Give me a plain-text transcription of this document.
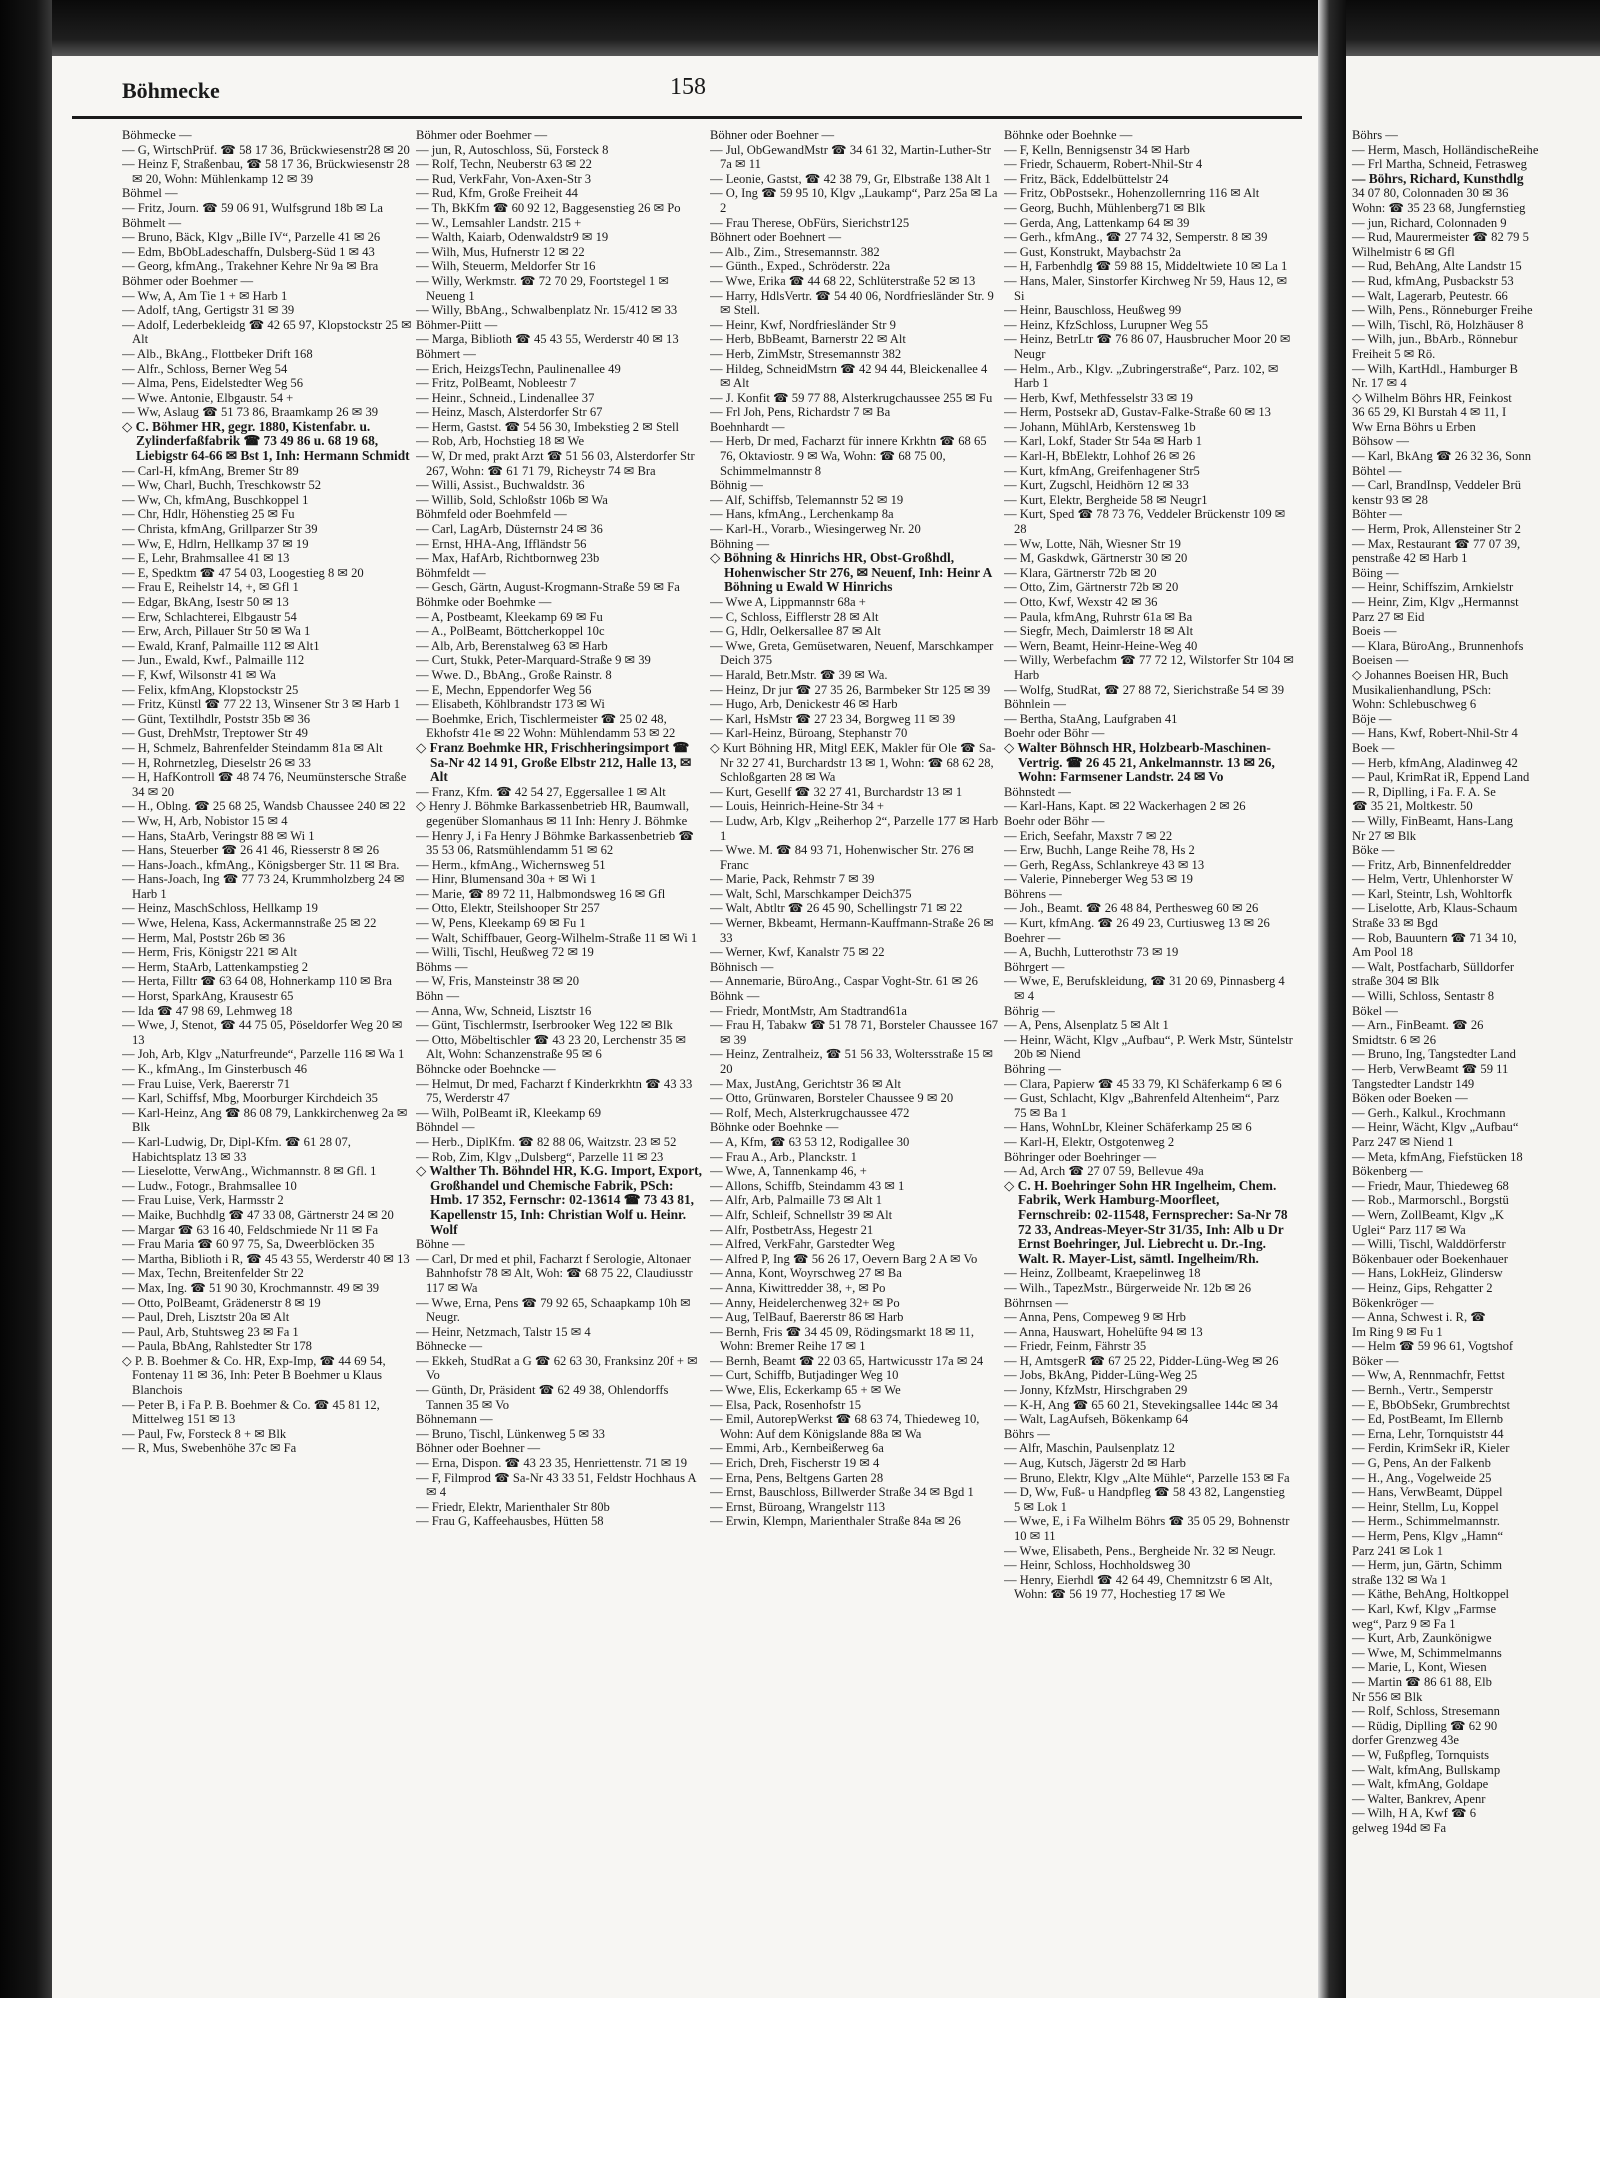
Böhrs —

— Herm, Masch, HolländischeReihe

— Frl Martha, Schneid, Fetrasweg

— Böhrs, Richard, Kunsthdlg

34 07 80, Colonnaden 30 ✉ 36

Wohn: ☎ 35 23 68, Jungfernstieg

— jun, Richard, Colonnaden 9

— Rud, Maurermeister ☎ 82 79 5

Wilhelmistr 6 ✉ Gfl

— Rud, BehAng, Alte Landstr 15

— Rud, kfmAng, Pusbackstr 53

— Walt, Lagerarb, Peutestr. 66

— Wilh, Pens., Rönneburger Freihe

— Wilh, Tischl, Rö, Holzhäuser 8

— Wilh, jun., BbArb., Rönnebur

Freiheit 5 ✉ Rö.

— Wilh, KartHdl., Hamburger B

Nr. 17 ✉ 4

◇ Wilhelm Böhrs HR, Feinkost

36 65 29, Kl Burstah 4 ✉ 11, I

Ww Erna Böhrs u Erben

Böhsow —

— Karl, BkAng ☎ 26 32 36, Sonn

Böhtel —

— Carl, BrandInsp, Veddeler Brü

kenstr 93 ✉ 28

Böhter —

— Herm, Prok, Allensteiner Str 2

— Max, Restaurant ☎ 77 07 39,

penstraße 42 ✉ Harb 1

Böing —

— Heinr, Schiffszim, Arnkielstr

— Heinr, Zim, Klgv „Hermannst

Parz 27 ✉ Eid

Boeis —

— Klara, BüroAng., Brunnenhofs

Boeisen —

◇ Johannes Boeisen HR, Buch

Musikalienhandlung, PSch:

Wohn: Schlebuschweg 6

Böje —

— Hans, Kwf, Robert-Nhil-Str 4

Boek —

— Herb, kfmAng, Aladinweg 42

— Paul, KrimRat iR, Eppend Land

— R, Diplling, i Fa. F. A. Se

☎ 35 21, Moltkestr. 50

— Willy, FinBeamt, Hans-Lang

Nr 27 ✉ Blk

Böke —

— Fritz, Arb, Binnenfeldredder

— Helm, Vertr, Uhlenhorster W

— Karl, Steintr, Lsh, Wohltorfk

— Liselotte, Arb, Klaus-Schaum

Straße 33 ✉ Bgd

— Rob, Bauuntern ☎ 71 34 10,

Am Pool 18

— Walt, Postfacharb, Sülldorfer

straße 304 ✉ Blk

— Willi, Schloss, Sentastr 8

Bökel —

— Arn., FinBeamt. ☎ 26

Smidtstr. 6 ✉ 26

— Bruno, Ing, Tangstedter Land

— Herb, VerwBeamt ☎ 59 11

Tangstedter Landstr 149

Böken oder Boeken —

— Gerh., Kalkul., Krochmann

— Heinr, Wächt, Klgv „Aufbau“

Parz 247 ✉ Niend 1

— Meta, kfmAng, Fiefstücken 18

Bökenberg —

— Friedr, Maur, Thiedeweg 68

— Rob., Marmorschl., Borgstü

— Wern, ZollBeamt, Klgv „K

Uglei“ Parz 117 ✉ Wa

— Willi, Tischl, Walddörferstr

Bökenbauer oder Boekenhauer

— Hans, LokHeiz, Glindersw

— Heinz, Gips, Rehgatter 2

Bökenkröger —

— Anna, Schwest i. R, ☎

Im Ring 9 ✉ Fu 1

— Helm ☎ 59 96 61, Vogtshof

Böker —

— Ww, A, Rennmachfr, Fettst

— Bernh., Vertr., Semperstr

— E, BbObSekr, Grumbrechtst

— Ed, PostBeamt, Im Ellernb

— Erna, Lehr, Tornquiststr 44

— Ferdin, KrimSekr iR, Kieler

— G, Pens, An der Falkenb

— H., Ang., Vogelweide 25

— Hans, VerwBeamt, Düppel

— Heinr, Stellm, Lu, Koppel

— Herm., Schimmelmannstr.

— Herm, Pens, Klgv „Hamn“

Parz 241 ✉ Lok 1

— Herm, jun, Gärtn, Schimm

straße 132 ✉ Wa 1

— Käthe, BehAng, Holtkoppel

— Karl, Kwf, Klgv „Farmse

weg“, Parz 9 ✉ Fa 1

— Kurt, Arb, Zaunkönigwe

— Wwe, M, Schimmelmanns

— Marie, L, Kont, Wiesen

— Martin ☎ 86 61 88, Elb

Nr 556 ✉ Blk

— Rolf, Schloss, Stresemann

— Rüdig, Diplling ☎ 62 90

dorfer Grenzweg 43e

— W, Fußpfleg, Tornquists

— Walt, kfmAng, Bullskamp

— Walt, kfmAng, Goldape

— Walter, Bankrev, Apenr

— Wilh, H A, Kwf ☎ 6

gelweg 194d ✉ Fa

Böhmecke	158

Böhmecke —

— G, WirtschPrüf. ☎ 58 17 36, Brückwiesenstr28 ✉ 20

— Heinz F, Straßenbau, ☎ 58 17 36, Brückwiesenstr 28 ✉ 20, Wohn: Mühlenkamp 12 ✉ 39

Böhmel —

— Fritz, Journ. ☎ 59 06 91, Wulfsgrund 18b ✉ La

Böhmelt —

— Bruno, Bäck, Klgv „Bille IV“, Parzelle 41 ✉ 26

— Edm, BbObLadeschaffn, Dulsberg-Süd 1 ✉ 43

— Georg, kfmAng., Trakehner Kehre Nr 9a ✉ Bra

Böhmer oder Boehmer —

— Ww, A, Am Tie 1 + ✉ Harb 1

— Adolf, tAng, Gertigstr 31 ✉ 39

— Adolf, Lederbekleidg ☎ 42 65 97, Klopstockstr 25 ✉ Alt

— Alb., BkAng., Flottbeker Drift 168

— Alfr., Schloss, Berner Weg 54

— Alma, Pens, Eidelstedter Weg 56

— Wwe. Antonie, Elbgaustr. 54 +

— Ww, Aslaug ☎ 51 73 86, Braamkamp 26 ✉ 39

◇ C. Böhmer HR, gegr. 1880, Kistenfabr. u. Zylinderfaßfabrik ☎ 73 49 86 u. 68 19 68, Liebigstr 64-66 ✉ Bst 1, Inh: Hermann Schmidt

— Carl-H, kfmAng, Bremer Str 89

— Ww, Charl, Buchh, Treschkowstr 52

— Ww, Ch, kfmAng, Buschkoppel 1

— Chr, Hdlr, Höhenstieg 25 ✉ Fu

— Christa, kfmAng, Grillparzer Str 39

— Ww, E, Hdlrn, Hellkamp 37 ✉ 19

— E, Lehr, Brahmsallee 41 ✉ 13

— E, Spedktm ☎ 47 54 03, Loogestieg 8 ✉ 20

— Frau E, Reihelstr 14, +, ✉ Gfl 1

— Edgar, BkAng, Isestr 50 ✉ 13

— Erw, Schlachterei, Elbgaustr 54

— Erw, Arch, Pillauer Str 50 ✉ Wa 1

— Ewald, Kranf, Palmaille 112 ✉ Alt1

— Jun., Ewald, Kwf., Palmaille 112

— F, Kwf, Wilsonstr 41 ✉ Wa

— Felix, kfmAng, Klopstockstr 25

— Fritz, Künstl ☎ 77 22 13, Winsener Str 3 ✉ Harb 1

— Günt, Textilhdlr, Poststr 35b ✉ 36

— Gust, DrehMstr, Treptower Str 49

— H, Schmelz, Bahrenfelder Steindamm 81a ✉ Alt

— H, Rohrnetzleg, Dieselstr 26 ✉ 33

— H, HafKontroll ☎ 48 74 76, Neumünstersche Straße 34 ✉ 20

— H., Oblng. ☎ 25 68 25, Wandsb Chaussee 240 ✉ 22

— Ww, H, Arb, Nobistor 15 ✉ 4

— Hans, StaArb, Veringstr 88 ✉ Wi 1

— Hans, Steuerber ☎ 26 41 46, Riesserstr 8 ✉ 26

— Hans-Joach., kfmAng., Königsberger Str. 11 ✉ Bra.

— Hans-Joach, Ing ☎ 77 73 24, Krummholzberg 24 ✉ Harb 1

— Heinz, MaschSchloss, Hellkamp 19

— Wwe, Helena, Kass, Ackermannstraße 25 ✉ 22

— Herm, Mal, Poststr 26b ✉ 36

— Herm, Fris, Königstr 221 ✉ Alt

— Herm, StaArb, Lattenkampstieg 2

— Herta, Filltr ☎ 63 64 08, Hohnerkamp 110 ✉ Bra

— Horst, SparkAng, Krausestr 65

— Ida ☎ 47 98 69, Lehmweg 18

— Wwe, J, Stenot, ☎ 44 75 05, Pöseldorfer Weg 20 ✉ 13

— Joh, Arb, Klgv „Naturfreunde“, Parzelle 116 ✉ Wa 1

— K., kfmAng., Im Ginsterbusch 46

— Frau Luise, Verk, Baererstr 71

— Karl, Schiffsf, Mbg, Moorburger Kirchdeich 35

— Karl-Heinz, Ang ☎ 86 08 79, Lankkirchenweg 2a ✉ Blk

— Karl-Ludwig, Dr, Dipl-Kfm. ☎ 61 28 07, Habichtsplatz 13 ✉ 33

— Lieselotte, VerwAng., Wichmannstr. 8 ✉ Gfl. 1

— Ludw., Fotogr., Brahmsallee 10

— Frau Luise, Verk, Harmsstr 2

— Maike, Buchhdlg ☎ 47 33 08, Gärtnerstr 24 ✉ 20

— Margar ☎ 63 16 40, Feldschmiede Nr 11 ✉ Fa

— Frau Maria ☎ 60 97 75, Sa, Dweerblöcken 35

— Martha, Biblioth i R, ☎ 45 43 55, Werderstr 40 ✉ 13

— Max, Techn, Breitenfelder Str 22

— Max, Ing. ☎ 51 90 30, Krochmannstr. 49 ✉ 39

— Otto, PolBeamt, Grädenerstr 8 ✉ 19

— Paul, Dreh, Lisztstr 20a ✉ Alt

— Paul, Arb, Stuhtsweg 23 ✉ Fa 1

— Paula, BbAng, Rahlstedter Str 178

◇ P. B. Boehmer & Co. HR, Exp-Imp, ☎ 44 69 54, Fontenay 11 ✉ 36, Inh: Peter B Boehmer u Klaus Blanchois

— Peter B, i Fa P. B. Boehmer & Co. ☎ 45 81 12, Mittelweg 151 ✉ 13

— Paul, Fw, Forsteck 8 + ✉ Blk

— R, Mus, Swebenhöhe 37c ✉ Fa

Böhmer oder Boehmer —

— jun, R, Autoschloss, Sü, Forsteck 8

— Rolf, Techn, Neuberstr 63 ✉ 22

— Rud, VerkFahr, Von-Axen-Str 3

— Rud, Kfm, Große Freiheit 44

— Th, BkKfm ☎ 60 92 12, Baggesenstieg 26 ✉ Po

— W., Lemsahler Landstr. 215 +

— Walth, Kaiarb, Odenwaldstr9 ✉ 19

— Wilh, Mus, Hufnerstr 12 ✉ 22

— Wilh, Steuerm, Meldorfer Str 16

— Willy, Werkmstr. ☎ 72 70 29, Foortstegel 1 ✉ Neueng 1

— Willy, BbAng., Schwalbenplatz Nr. 15/412 ✉ 33

Böhmer-Piitt —

— Marga, Biblioth ☎ 45 43 55, Werderstr 40 ✉ 13

Böhmert —

— Erich, HeizgsTechn, Paulinenallee 49

— Fritz, PolBeamt, Nobleestr 7

— Heinr., Schneid., Lindenallee 37

— Heinz, Masch, Alsterdorfer Str 67

— Herm, Gastst. ☎ 54 56 30, Imbekstieg 2 ✉ Stell

— Rob, Arb, Hochstieg 18 ✉ We

— W, Dr med, prakt Arzt ☎ 51 56 03, Alsterdorfer Str 267, Wohn: ☎ 61 71 79, Richeystr 74 ✉ Bra

— Willi, Assist., Buchwaldstr. 36

— Willib, Sold, Schloßstr 106b ✉ Wa

Böhmfeld oder Boehmfeld —

— Carl, LagArb, Düsternstr 24 ✉ 36

— Ernst, HHA-Ang, Iffländstr 56

— Max, HafArb, Richtbornweg 23b

Böhmfeldt —

— Gesch, Gärtn, August-Krogmann-Straße 59 ✉ Fa

Böhmke oder Boehmke —

— A, Postbeamt, Kleekamp 69 ✉ Fu

— A., PolBeamt, Böttcherkoppel 10c

— Alb, Arb, Berenstalweg 63 ✉ Harb

— Curt, Stukk, Peter-Marquard-Straße 9 ✉ 39

— Wwe. D., BbAng., Große Rainstr. 8

— E, Mechn, Eppendorfer Weg 56

— Elisabeth, Köhlbrandstr 173 ✉ Wi

— Boehmke, Erich, Tischlermeister ☎ 25 02 48, Ekhofstr 41e ✉ 22 Wohn: Mühlendamm 53 ✉ 22

◇ Franz Boehmke HR, Frischheringsimport ☎ Sa-Nr 42 14 91, Große Elbstr 212, Halle 13, ✉ Alt

— Franz, Kfm. ☎ 42 54 27, Eggersallee 1 ✉ Alt

◇ Henry J. Böhmke Barkassenbetrieb HR, Baumwall, gegenüber Slomanhaus ✉ 11 Inh: Henry J. Böhmke

— Henry J, i Fa Henry J Böhmke Barkassenbetrieb ☎ 35 53 06, Ratsmühlendamm 51 ✉ 62

— Herm., kfmAng., Wichernsweg 51

— Hinr, Blumensand 30a + ✉ Wi 1

— Marie, ☎ 89 72 11, Halbmondsweg 16 ✉ Gfl

— Otto, Elektr, Steilshooper Str 257

— W, Pens, Kleekamp 69 ✉ Fu 1

— Walt, Schiffbauer, Georg-Wilhelm-Straße 11 ✉ Wi 1

— Willi, Tischl, Heußweg 72 ✉ 19

Böhms —

— W, Fris, Mansteinstr 38 ✉ 20

Böhn —

— Anna, Ww, Schneid, Lisztstr 16

— Günt, Tischlermstr, Iserbrooker Weg 122 ✉ Blk

— Otto, Möbeltischler ☎ 43 23 20, Lerchenstr 35 ✉ Alt, Wohn: Schanzenstraße 95 ✉ 6

Böhncke oder Boehncke —

— Helmut, Dr med, Facharzt f Kinderkrkhtn ☎ 43 33 75, Werderstr 47

— Wilh, PolBeamt iR, Kleekamp 69

Böhndel —

— Herb., DiplKfm. ☎ 82 88 06, Waitzstr. 23 ✉ 52

— Rob, Zim, Klgv „Dulsberg“, Parzelle 11 ✉ 23

◇ Walther Th. Böhndel HR, K.G. Import, Export, Großhandel und Chemische Fabrik, PSch: Hmb. 17 352, Fernschr: 02-13614 ☎ 73 43 81, Kapellenstr 15, Inh: Christian Wolf u. Heinr. Wolf

Böhne —

— Carl, Dr med et phil, Facharzt f Serologie, Altonaer Bahnhofstr 78 ✉ Alt, Woh: ☎ 68 75 22, Claudiusstr 117 ✉ Wa

— Wwe, Erna, Pens ☎ 79 92 65, Schaapkamp 10h ✉ Neugr.

— Heinr, Netzmach, Talstr 15 ✉ 4

Böhnecke —

— Ekkeh, StudRat a G ☎ 62 63 30, Franksinz 20f + ✉ Vo

— Günth, Dr, Präsident ☎ 62 49 38, Ohlendorffs Tannen 35 ✉ Vo

Böhnemann —

— Bruno, Tischl, Lünkenweg 5 ✉ 33

Böhner oder Boehner —

— Erna, Dispon. ☎ 43 23 35, Henriettenstr. 71 ✉ 19

— F, Filmprod ☎ Sa-Nr 43 33 51, Feldstr Hochhaus A ✉ 4

— Friedr, Elektr, Marienthaler Str 80b

— Frau G, Kaffeehausbes, Hütten 58

Böhner oder Boehner —

— Jul, ObGewandMstr ☎ 34 61 32, Martin-Luther-Str 7a ✉ 11

— Leonie, Gastst, ☎ 42 38 79, Gr, Elbstraße 138 Alt 1

— O, Ing ☎ 59 95 10, Klgv „Laukamp“, Parz 25a ✉ La 2

— Frau Therese, ObFürs, Sierichstr125

Böhnert oder Boehnert —

— Alb., Zim., Stresemannstr. 382

— Günth., Exped., Schröderstr. 22a

— Wwe, Erika ☎ 44 68 22, Schlüterstraße 52 ✉ 13

— Harry, HdlsVertr. ☎ 54 40 06, Nordfriesländer Str. 9 ✉ Stell.

— Heinr, Kwf, Nordfriesländer Str 9

— Herb, BbBeamt, Barnerstr 22 ✉ Alt

— Herb, ZimMstr, Stresemannstr 382

— Hildeg, SchneidMstrn ☎ 42 94 44, Bleickenallee 4 ✉ Alt

— J. Konfit ☎ 59 77 88, Alsterkrugchaussee 255 ✉ Fu

— Frl Joh, Pens, Richardstr 7 ✉ Ba

Boehnhardt —

— Herb, Dr med, Facharzt für innere Krkhtn ☎ 68 65 76, Oktaviostr. 9 ✉ Wa, Wohn: ☎ 68 75 00, Schimmelmannstr 8

Böhnig —

— Alf, Schiffsb, Telemannstr 52 ✉ 19

— Hans, kfmAng., Lerchenkamp 8a

— Karl-H., Vorarb., Wiesingerweg Nr. 20

Böhning —

◇ Böhning & Hinrichs HR, Obst-Großhdl, Hohenwischer Str 276, ✉ Neuenf, Inh: Heinr A Böhning u Ewald W Hinrichs

— Wwe A, Lippmannstr 68a +

— C, Schloss, Eifflerstr 28 ✉ Alt

— G, Hdlr, Oelkersallee 87 ✉ Alt

— Wwe, Greta, Gemüsetwaren, Neuenf, Marschkamper Deich 375

— Harald, Betr.Mstr. ☎ 39 ✉ Wa.

— Heinz, Dr jur ☎ 27 35 26, Barmbeker Str 125 ✉ 39

— Hugo, Arb, Denickestr 46 ✉ Harb

— Karl, HsMstr ☎ 27 23 34, Borgweg 11 ✉ 39

— Karl-Heinz, Büroang, Stephanstr 70

◇ Kurt Böhning HR, Mitgl EEK, Makler für Ole ☎ Sa-Nr 32 27 41, Burchardstr 13 ✉ 1, Wohn: ☎ 68 62 28, Schloßgarten 28 ✉ Wa

— Kurt, Gesellf ☎ 32 27 41, Burchardstr 13 ✉ 1

— Louis, Heinrich-Heine-Str 34 +

— Ludw, Arb, Klgv „Reiherhop 2“, Parzelle 177 ✉ Harb 1

— Wwe. M. ☎ 84 93 71, Hohenwischer Str. 276 ✉ Franc

— Marie, Pack, Rehmstr 7 ✉ 39

— Walt, Schl, Marschkamper Deich375

— Walt, Abtltr ☎ 26 45 90, Schellingstr 71 ✉ 22

— Werner, Bkbeamt, Hermann-Kauffmann-Straße 26 ✉ 33

— Werner, Kwf, Kanalstr 75 ✉ 22

Böhnisch —

— Annemarie, BüroAng., Caspar Voght-Str. 61 ✉ 26

Böhnk —

— Friedr, MontMstr, Am Stadtrand61a

— Frau H, Tabakw ☎ 51 78 71, Borsteler Chaussee 167 ✉ 39

— Heinz, Zentralheiz, ☎ 51 56 33, Woltersstraße 15 ✉ 20

— Max, JustAng, Gerichtstr 36 ✉ Alt

— Otto, Grünwaren, Borsteler Chaussee 9 ✉ 20

— Rolf, Mech, Alsterkrugchaussee 472

Böhnke oder Boehnke —

— A, Kfm, ☎ 63 53 12, Rodigallee 30

— Frau A., Arb., Planckstr. 1

— Wwe, A, Tannenkamp 46, +

— Allons, Schiffb, Steindamm 43 ✉ 1

— Alfr, Arb, Palmaille 73 ✉ Alt 1

— Alfr, Schleif, Schnellstr 39 ✉ Alt

— Alfr, PostbetrAss, Hegestr 21

— Alfred, VerkFahr, Garstedter Weg

— Alfred P, Ing ☎ 56 26 17, Oevern Barg 2 A ✉ Vo

— Anna, Kont, Woyrschweg 27 ✉ Ba

— Anna, Kiwittredder 38, +, ✉ Po

— Anny, Heidelerchenweg 32+ ✉ Po

— Aug, TelBauf, Baererstr 86 ✉ Harb

— Bernh, Fris ☎ 34 45 09, Rödingsmarkt 18 ✉ 11, Wohn: Bremer Reihe 17 ✉ 1

— Bernh, Beamt ☎ 22 03 65, Hartwicusstr 17a ✉ 24

— Curt, Schiffb, Butjadinger Weg 10

— Wwe, Elis, Eckerkamp 65 + ✉ We

— Elsa, Pack, Rosenhofstr 15

— Emil, AutorepWerkst ☎ 68 63 74, Thiedeweg 10, Wohn: Auf dem Königslande 88a ✉ Wa

— Emmi, Arb., Kernbeißerweg 6a

— Erich, Dreh, Fischerstr 19 ✉ 4

— Erna, Pens, Beltgens Garten 28

— Ernst, Bauschloss, Billwerder Straße 34 ✉ Bgd 1

— Ernst, Büroang, Wrangelstr 113

— Erwin, Klempn, Marienthaler Straße 84a ✉ 26

Böhnke oder Boehnke —

— F, Kelln, Bennigsenstr 34 ✉ Harb

— Friedr, Schauerm, Robert-Nhil-Str 4

— Fritz, Bäck, Eddelbüttelstr 24

— Fritz, ObPostsekr., Hohenzollernring 116 ✉ Alt

— Georg, Buchh, Mühlenberg71 ✉ Blk

— Gerda, Ang, Lattenkamp 64 ✉ 39

— Gerh., kfmAng., ☎ 27 74 32, Semperstr. 8 ✉ 39

— Gust, Konstrukt, Maybachstr 2a

— H, Farbenhdlg ☎ 59 88 15, Middeltwiete 10 ✉ La 1

— Hans, Maler, Sinstorfer Kirchweg Nr 59, Haus 12, ✉ Si

— Heinr, Bauschloss, Heußweg 99

— Heinz, KfzSchloss, Lurupner Weg 55

— Heinz, BetrLtr ☎ 76 86 07, Hausbrucher Moor 20 ✉ Neugr

— Helm., Arb., Klgv. „Zubringerstraße“, Parz. 102, ✉ Harb 1

— Herb, Kwf, Methfesselstr 33 ✉ 19

— Herm, Postsekr aD, Gustav-Falke-Straße 60 ✉ 13

— Johann, MühlArb, Kerstensweg 1b

— Karl, Lokf, Stader Str 54a ✉ Harb 1

— Karl-H, BbElektr, Lohhof 26 ✉ 26

— Kurt, kfmAng, Greifenhagener Str5

— Kurt, Zugschl, Heidhörn 12 ✉ 33

— Kurt, Elektr, Bergheide 58 ✉ Neugr1

— Kurt, Sped ☎ 78 73 76, Veddeler Brückenstr 109 ✉ 28

— Ww, Lotte, Näh, Wiesner Str 19

— M, Gaskdwk, Gärtnerstr 30 ✉ 20

— Klara, Gärtnerstr 72b ✉ 20

— Otto, Zim, Gärtnerstr 72b ✉ 20

— Otto, Kwf, Wexstr 42 ✉ 36

— Paula, kfmAng, Ruhrstr 61a ✉ Ba

— Siegfr, Mech, Daimlerstr 18 ✉ Alt

— Wern, Beamt, Heinr-Heine-Weg 40

— Willy, Werbefachm ☎ 77 72 12, Wilstorfer Str 104 ✉ Harb

— Wolfg, StudRat, ☎ 27 88 72, Sierichstraße 54 ✉ 39

Böhnlein —

— Bertha, StaAng, Laufgraben 41

Boehr oder Böhr —

◇ Walter Böhnsch HR, Holzbearb-Maschinen-Vertrig. ☎ 26 45 21, Ankelmannstr. 13 ✉ 26, Wohn: Farmsener Landstr. 24 ✉ Vo

Böhnstedt —

— Karl-Hans, Kapt. ✉ 22 Wackerhagen 2 ✉ 26

Boehr oder Böhr —

— Erich, Seefahr, Maxstr 7 ✉ 22

— Erw, Buchh, Lange Reihe 78, Hs 2

— Gerh, RegAss, Schlankreye 43 ✉ 13

— Valerie, Pinneberger Weg 53 ✉ 19

Böhrens —

— Joh., Beamt. ☎ 26 48 84, Perthesweg 60 ✉ 26

— Kurt, kfmAng. ☎ 26 49 23, Curtiusweg 13 ✉ 26

Boehrer —

— A, Buchh, Lutterothstr 73 ✉ 19

Böhrgert —

— Wwe, E, Berufskleidung, ☎ 31 20 69, Pinnasberg 4 ✉ 4

Böhrig —

— A, Pens, Alsenplatz 5 ✉ Alt 1

— Heinr, Wächt, Klgv „Aufbau“, P. Werk Mstr, Süntelstr 20b ✉ Niend

Böhring —

— Clara, Papierw ☎ 45 33 79, Kl Schäferkamp 6 ✉ 6

— Gust, Schlacht, Klgv „Bahrenfeld Altenheim“, Parz 75 ✉ Ba 1

— Hans, WohnLbr, Kleiner Schäferkamp 25 ✉ 6

— Karl-H, Elektr, Ostgotenweg 2

Böhringer oder Boehringer —

— Ad, Arch ☎ 27 07 59, Bellevue 49a

◇ C. H. Boehringer Sohn HR Ingelheim, Chem. Fabrik, Werk Hamburg-Moorfleet, Fernschreib: 02-11548, Fernsprecher: Sa-Nr 78 72 33, Andreas-Meyer-Str 31/35, Inh: Alb u Dr Ernst Boehringer, Jul. Liebrecht u. Dr.-Ing. Walt. R. Mayer-List, sämtl. Ingelheim/Rh.

— Heinz, Zollbeamt, Kraepelinweg 18

— Wilh., TapezMstr., Bürgerweide Nr. 12b ✉ 26

Böhrnsen —

— Anna, Pens, Compeweg 9 ✉ Hrb

— Anna, Hauswart, Hohelüfte 94 ✉ 13

— Friedr, Feinm, Fährstr 35

— H, AmtsgerR ☎ 67 25 22, Pidder-Lüng-Weg ✉ 26

— Jobs, BkAng, Pidder-Lüng-Weg 25

— Jonny, KfzMstr, Hirschgraben 29

— K-H, Ang ☎ 65 60 21, Stevekingsallee 144c ✉ 34

— Walt, LagAufseh, Bökenkamp 64

Böhrs —

— Alfr, Maschin, Paulsenplatz 12

— Aug, Kutsch, Jägerstr 2d ✉ Harb

— Bruno, Elektr, Klgv „Alte Mühle“, Parzelle 153 ✉ Fa

— D, Ww, Fuß- u Handpfleg ☎ 58 43 82, Langenstieg 5 ✉ Lok 1

— Wwe, E, i Fa Wilhelm Böhrs ☎ 35 05 29, Bohnenstr 10 ✉ 11

— Wwe, Elisabeth, Pens., Bergheide Nr. 32 ✉ Neugr.

— Heinr, Schloss, Hochholdsweg 30

— Henry, Eierhdl ☎ 42 64 49, Chemnitzstr 6 ✉ Alt, Wohn: ☎ 56 19 77, Hochestieg 17 ✉ We
